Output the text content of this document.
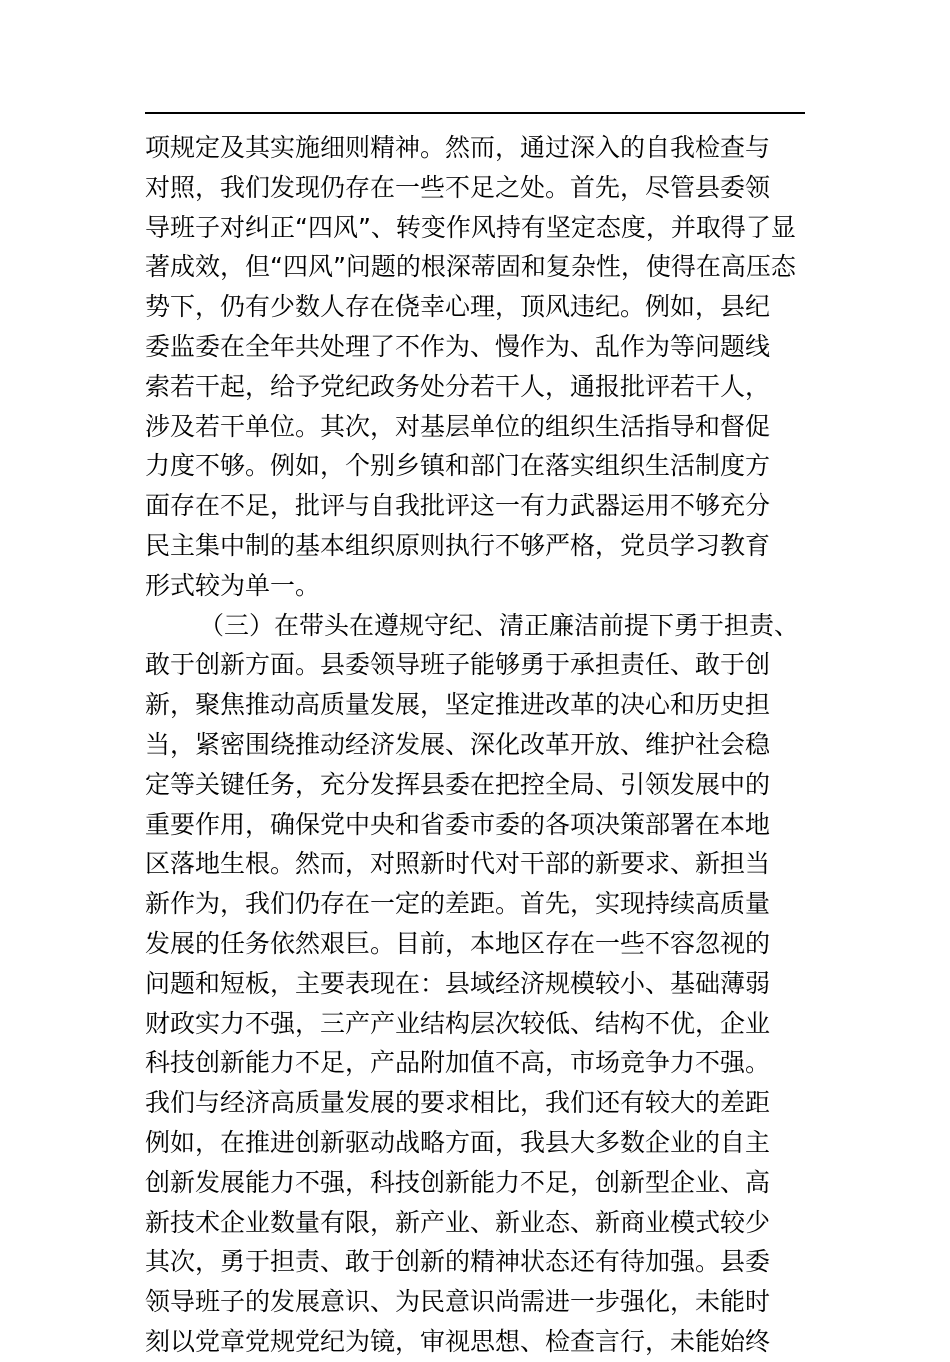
项规定及其实施细则精神。然而，通过深入的自我检查与
对照，我们发现仍存在一些不足之处。首先，尽管县委领
导班子对纠正“四风”、转变作风持有坚定态度，并取得了显
著成效，但“四风”问题的根深蒂固和复杂性，使得在高压态
势下，仍有少数人存在侥幸心理，顶风违纪。例如，县纪
委监委在全年共处理了不作为、慢作为、乱作为等问题线
索若干起，给予党纪政务处分若干人，通报批评若干人，
涉及若干单位。其次，对基层单位的组织生活指导和督促
力度不够。例如，个别乡镇和部门在落实组织生活制度方
面存在不足，批评与自我批评这一有力武器运用不够充分
民主集中制的基本组织原则执行不够严格，党员学习教育
形式较为单一。
（三）在带头在遵规守纪、清正廉洁前提下勇于担责、
敢于创新方面。县委领导班子能够勇于承担责任、敢于创
新，聚焦推动高质量发展，坚定推进改革的决心和历史担
当，紧密围绕推动经济发展、深化改革开放、维护社会稳
定等关键任务，充分发挥县委在把控全局、引领发展中的
重要作用，确保党中央和省委市委的各项决策部署在本地
区落地生根。然而，对照新时代对干部的新要求、新担当
新作为，我们仍存在一定的差距。首先，实现持续高质量
发展的任务依然艰巨。目前，本地区存在一些不容忽视的
问题和短板，主要表现在：县域经济规模较小、基础薄弱
财政实力不强，三产产业结构层次较低、结构不优，企业
科技创新能力不足，产品附加值不高，市场竞争力不强。
我们与经济高质量发展的要求相比，我们还有较大的差距
例如，在推进创新驱动战略方面，我县大多数企业的自主
创新发展能力不强，科技创新能力不足，创新型企业、高
新技术企业数量有限，新产业、新业态、新商业模式较少
其次，勇于担责、敢于创新的精神状态还有待加强。县委
领导班子的发展意识、为民意识尚需进一步强化，未能时
刻以党章党规党纪为镜，审视思想、检查言行，未能始终
